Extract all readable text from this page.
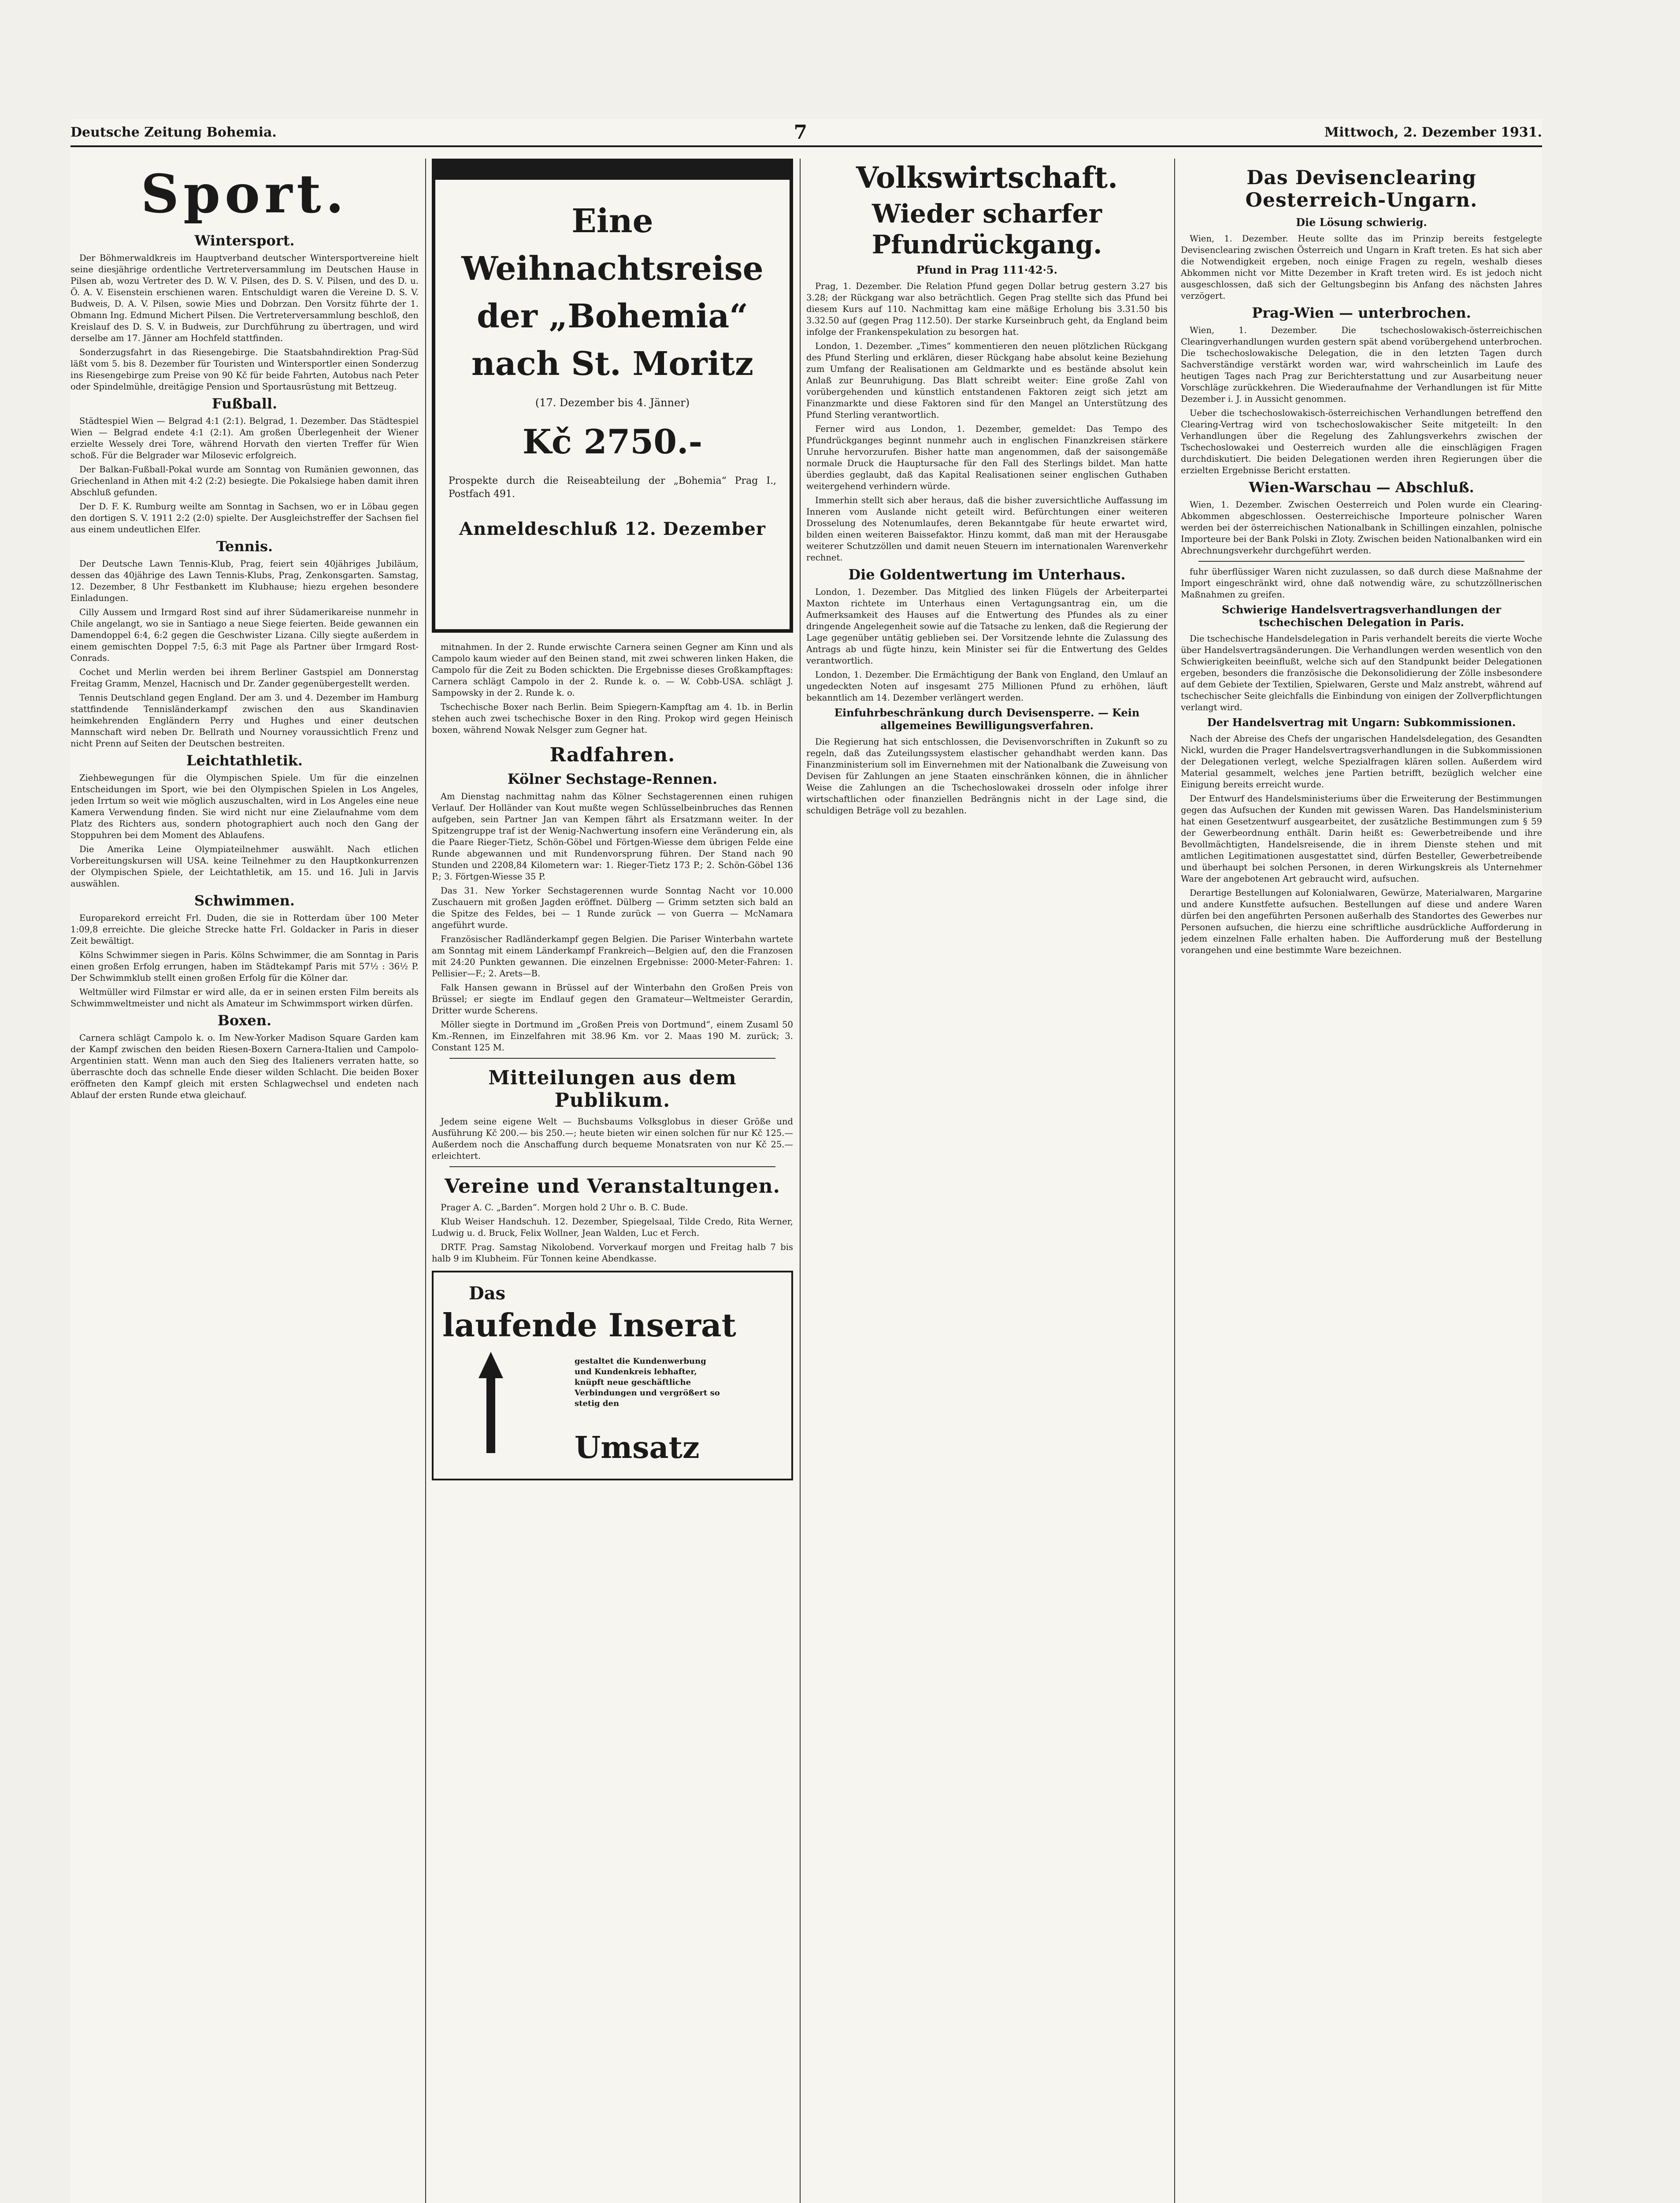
Deutsche Zeitung Bohemia.	7	Mittwoch, 2. Dezember 1931.
Sport.
Wintersport.

Der Böhmerwaldkreis im Hauptverband deutscher Wintersportvereine hielt seine diesjährige ordentliche Vertreterversammlung im Deutschen Hause in Pilsen ab, wozu Vertreter des D. W. V. Pilsen, des D. S. V. Pilsen, und des D. u. Ö. A. V. Eisenstein erschienen waren. Entschuldigt waren die Vereine D. S. V. Budweis, D. A. V. Pilsen, sowie Mies und Dobrzan. Den Vorsitz führte der 1. Obmann Ing. Edmund Michert Pilsen. Die Vertreterversammlung beschloß, den Kreislauf des D. S. V. in Budweis, zur Durchführung zu übertragen, und wird derselbe am 17. Jänner am Hochfeld stattfinden.

Sonderzugsfahrt in das Riesengebirge. Die Staatsbahndirektion Prag-Süd läßt vom 5. bis 8. Dezember für Touristen und Wintersportler einen Sonderzug ins Riesengebirge zum Preise von 90 Kč für beide Fahrten, Autobus nach Peter oder Spindelmühle, dreitägige Pension und Sportausrüstung mit Bettzeug.

Fußball.

Städtespiel Wien — Belgrad 4:1 (2:1). Belgrad, 1. Dezember. Das Städtespiel Wien — Belgrad endete 4:1 (2:1). Am großen Überlegenheit der Wiener erzielte Wessely drei Tore, während Horvath den vierten Treffer für Wien schoß. Für die Belgrader war Milosevic erfolgreich.

Der Balkan-Fußball-Pokal wurde am Sonntag von Rumänien gewonnen, das Griechenland in Athen mit 4:2 (2:2) besiegte. Die Pokalsiege haben damit ihren Abschluß gefunden.

Der D. F. K. Rumburg weilte am Sonntag in Sachsen, wo er in Löbau gegen den dortigen S. V. 1911 2:2 (2:0) spielte. Der Ausgleichstreffer der Sachsen fiel aus einem undeutlichen Elfer.

Tennis.

Der Deutsche Lawn Tennis-Klub, Prag, feiert sein 40jähriges Jubiläum, dessen das 40jährige des Lawn Tennis-Klubs, Prag, Zenkonsgarten. Samstag, 12. Dezember, 8 Uhr Festbankett im Klubhause; hiezu ergehen besondere Einladungen.

Cilly Aussem und Irmgard Rost sind auf ihrer Südamerikareise nunmehr in Chile angelangt, wo sie in Santiago a neue Siege feierten. Beide gewannen ein Damendoppel 6:4, 6:2 gegen die Geschwister Lizana. Cilly siegte außerdem in einem gemischten Doppel 7:5, 6:3 mit Page als Partner über Irmgard Rost-Conrads.

Cochet und Merlin werden bei ihrem Berliner Gastspiel am Donnerstag Freitag Gramm, Menzel, Hacnisch und Dr. Zander gegenübergestellt werden.

Tennis Deutschland gegen England. Der am 3. und 4. Dezember im Hamburg stattfindende Tennisländerkampf zwischen den aus Skandinavien heimkehrenden Engländern Perry und Hughes und einer deutschen Mannschaft wird neben Dr. Bellrath und Nourney voraussichtlich Frenz und nicht Prenn auf Seiten der Deutschen bestreiten.

Leichtathletik.

Ziehbewegungen für die Olympischen Spiele. Um für die einzelnen Entscheidungen im Sport, wie bei den Olympischen Spielen in Los Angeles, jeden Irrtum so weit wie möglich auszuschalten, wird in Los Angeles eine neue Kamera Verwendung finden. Sie wird nicht nur eine Zielaufnahme vom dem Platz des Richters aus, sondern photographiert auch noch den Gang der Stoppuhren bei dem Moment des Ablaufens.

Die Amerika Leine Olympiateilnehmer auswählt. Nach etlichen Vorbereitungskursen will USA. keine Teilnehmer zu den Hauptkonkurrenzen der Olympischen Spiele, der Leichtathletik, am 15. und 16. Juli in Jarvis auswählen.

Schwimmen.

Europarekord erreicht Frl. Duden, die sie in Rotterdam über 100 Meter 1:09,8 erreichte. Die gleiche Strecke hatte Frl. Goldacker in Paris in dieser Zeit bewältigt.

Kölns Schwimmer siegen in Paris. Kölns Schwimmer, die am Sonntag in Paris einen großen Erfolg errungen, haben im Städtekampf Paris mit 57½ : 36½ P. Der Schwimmklub stellt einen großen Erfolg für die Kölner dar.

Weltmüller wird Filmstar er wird alle, da er in seinen ersten Film bereits als Schwimmweltmeister und nicht als Amateur im Schwimmsport wirken dürfen.

Boxen.

Carnera schlägt Campolo k. o. Im New-Yorker Madison Square Garden kam der Kampf zwischen den beiden Riesen-Boxern Carnera-Italien und Campolo-Argentinien statt. Wenn man auch den Sieg des Italieners verraten hatte, so überraschte doch das schnelle Ende dieser wilden Schlacht. Die beiden Boxer eröffneten den Kampf gleich mit ersten Schlagwechsel und endeten nach Ablauf der ersten Runde etwa gleichauf.

Eine Weihnachtsreise der „Bohemia“ nach St. Moritz
(17. Dezember bis 4. Jänner)
Kč 2750.-
Prospekte durch die Reiseabteilung der „Bohemia“ Prag I., Postfach 491.
Anmeldeschluß 12. Dezember

mitnahmen. In der 2. Runde erwischte Carnera seinen Gegner am Kinn und als Campolo kaum wieder auf den Beinen stand, mit zwei schweren linken Haken, die Campolo für die Zeit zu Boden schickten. Die Ergebnisse dieses Großkampftages: Carnera schlägt Campolo in der 2. Runde k. o. — W. Cobb-USA. schlägt J. Sampowsky in der 2. Runde k. o.

Tschechische Boxer nach Berlin. Beim Spiegern-Kampftag am 4. 1b. in Berlin stehen auch zwei tschechische Boxer in den Ring. Prokop wird gegen Heinisch boxen, während Nowak Nelsger zum Gegner hat.

Radfahren.
Kölner Sechstage-Rennen.

Am Dienstag nachmittag nahm das Kölner Sechstagerennen einen ruhigen Verlauf. Der Holländer van Kout mußte wegen Schlüsselbeinbruches das Rennen aufgeben, sein Partner Jan van Kempen fährt als Ersatzmann weiter. In der Spitzengruppe traf ist der Wenig-Nachwertung insofern eine Veränderung ein, als die Paare Rieger-Tietz, Schön-Göbel und Förtgen-Wiesse dem übrigen Felde eine Runde abgewannen und mit Rundenvorsprung führen. Der Stand nach 90 Stunden und 2208,84 Kilometern war: 1. Rieger-Tietz 173 P.; 2. Schön-Göbel 136 P.; 3. Förtgen-Wiesse 35 P.

Das 31. New Yorker Sechstagerennen wurde Sonntag Nacht vor 10.000 Zuschauern mit großen Jagden eröffnet. Dülberg — Grimm setzten sich bald an die Spitze des Feldes, bei — 1 Runde zurück — von Guerra — McNamara angeführt wurde.

Französischer Radländerkampf gegen Belgien. Die Pariser Winterbahn wartete am Sonntag mit einem Länderkampf Frankreich—Belgien auf, den die Franzosen mit 24:20 Punkten gewannen. Die einzelnen Ergebnisse: 2000-Meter-Fahren: 1. Pellisier—F.; 2. Arets—B.

Falk Hansen gewann in Brüssel auf der Winterbahn den Großen Preis von Brüssel; er siegte im Endlauf gegen den Gramateur—Weltmeister Gerardin, Dritter wurde Scherens.

Möller siegte in Dortmund im „Großen Preis von Dortmund“, einem Zusaml 50 Km.-Rennen, im Einzelfahren mit 38.96 Km. vor 2. Maas 190 M. zurück; 3. Constant 125 M.

Mitteilungen aus dem Publikum.

Jedem seine eigene Welt — Buchsbaums Volksglobus in dieser Größe und Ausführung Kč 200.— bis 250.—; heute bieten wir einen solchen für nur Kč 125.— Außerdem noch die Anschaffung durch bequeme Monatsraten von nur Kč 25.— erleichtert.

Vereine und Veranstaltungen.

Prager A. C. „Barden“. Morgen hold 2 Uhr o. B. C. Bude.

Klub Weiser Handschuh. 12. Dezember, Spiegelsaal, Tilde Credo, Rita Werner, Ludwig u. d. Bruck, Felix Wollner, Jean Walden, Luc et Ferch.

DRTF. Prag. Samstag Nikolobend. Vorverkauf morgen und Freitag halb 7 bis halb 9 im Klubheim. Für Tonnen keine Abendkasse.

Das
laufende Inserat
gestaltet die Kundenwerbung und Kundenkreis lebhafter, knüpft neue geschäftliche Verbindungen und vergrößert so stetig den
Umsatz
Volkswirtschaft.
Wieder scharfer Pfundrückgang.
Pfund in Prag 111·42·5.

Prag, 1. Dezember. Die Relation Pfund gegen Dollar betrug gestern 3.27 bis 3.28; der Rückgang war also beträchtlich. Gegen Prag stellte sich das Pfund bei diesem Kurs auf 110. Nachmittag kam eine mäßige Erholung bis 3.31.50 bis 3.32.50 auf (gegen Prag 112.50). Der starke Kurseinbruch geht, da England beim infolge der Frankenspekulation zu besorgen hat.

London, 1. Dezember. „Times“ kommentieren den neuen plötzlichen Rückgang des Pfund Sterling und erklären, dieser Rückgang habe absolut keine Beziehung zum Umfang der Realisationen am Geldmarkte und es bestände absolut kein Anlaß zur Beunruhigung. Das Blatt schreibt weiter: Eine große Zahl von vorübergehenden und künstlich entstandenen Faktoren zeigt sich jetzt am Finanzmarkte und diese Faktoren sind für den Mangel an Unterstützung des Pfund Sterling verantwortlich.

Ferner wird aus London, 1. Dezember, gemeldet: Das Tempo des Pfundrückganges beginnt nunmehr auch in englischen Finanzkreisen stärkere Unruhe hervorzurufen. Bisher hatte man angenommen, daß der saisongemäße normale Druck die Hauptursache für den Fall des Sterlings bildet. Man hatte überdies geglaubt, daß das Kapital Realisationen seiner englischen Guthaben weitergehend verhindern würde.

Immerhin stellt sich aber heraus, daß die bisher zuversichtliche Auffassung im Inneren vom Auslande nicht geteilt wird. Befürchtungen einer weiteren Drosselung des Notenumlaufes, deren Bekanntgabe für heute erwartet wird, bilden einen weiteren Baissefaktor. Hinzu kommt, daß man mit der Herausgabe weiterer Schutzzöllen und damit neuen Steuern im internationalen Warenverkehr rechnet.

Die Goldentwertung im Unterhaus.

London, 1. Dezember. Das Mitglied des linken Flügels der Arbeiterpartei Maxton richtete im Unterhaus einen Vertagungsantrag ein, um die Aufmerksamkeit des Hauses auf die Entwertung des Pfundes als zu einer dringende Angelegenheit sowie auf die Tatsache zu lenken, daß die Regierung der Lage gegenüber untätig geblieben sei. Der Vorsitzende lehnte die Zulassung des Antrags ab und fügte hinzu, kein Minister sei für die Entwertung des Geldes verantwortlich.

London, 1. Dezember. Die Ermächtigung der Bank von England, den Umlauf an ungedeckten Noten auf insgesamt 275 Millionen Pfund zu erhöhen, läuft bekanntlich am 14. Dezember verlängert werden.

Einfuhrbeschränkung durch Devisensperre. — Kein allgemeines Bewilligungsverfahren.

Die Regierung hat sich entschlossen, die Devisenvorschriften in Zukunft so zu regeln, daß das Zuteilungssystem elastischer gehandhabt werden kann. Das Finanzministerium soll im Einvernehmen mit der Nationalbank die Zuweisung von Devisen für Zahlungen an jene Staaten einschränken können, die in ähnlicher Weise die Zahlungen an die Tschechoslowakei drosseln oder infolge ihrer wirtschaftlichen oder finanziellen Bedrängnis nicht in der Lage sind, die schuldigen Beträge voll zu bezahlen.

Das Devisenclearing Oesterreich-Ungarn.
Die Lösung schwierig.

Wien, 1. Dezember. Heute sollte das im Prinzip bereits festgelegte Devisenclearing zwischen Österreich und Ungarn in Kraft treten. Es hat sich aber die Notwendigkeit ergeben, noch einige Fragen zu regeln, weshalb dieses Abkommen nicht vor Mitte Dezember in Kraft treten wird. Es ist jedoch nicht ausgeschlossen, daß sich der Geltungsbeginn bis Anfang des nächsten Jahres verzögert.

Prag-Wien — unterbrochen.

Wien, 1. Dezember. Die tschechoslowakisch-österreichischen Clearingverhandlungen wurden gestern spät abend vorübergehend unterbrochen. Die tschechoslowakische Delegation, die in den letzten Tagen durch Sachverständige verstärkt worden war, wird wahrscheinlich im Laufe des heutigen Tages nach Prag zur Berichterstattung und zur Ausarbeitung neuer Vorschläge zurückkehren. Die Wiederaufnahme der Verhandlungen ist für Mitte Dezember i. J. in Aussicht genommen.

Ueber die tschechoslowakisch-österreichischen Verhandlungen betreffend den Clearing-Vertrag wird von tschechoslowakischer Seite mitgeteilt: In den Verhandlungen über die Regelung des Zahlungsverkehrs zwischen der Tschechoslowakei und Oesterreich wurden alle die einschlägigen Fragen durchdiskutiert. Die beiden Delegationen werden ihren Regierungen über die erzielten Ergebnisse Bericht erstatten.

Wien-Warschau — Abschluß.

Wien, 1. Dezember. Zwischen Oesterreich und Polen wurde ein Clearing-Abkommen abgeschlossen. Oesterreichische Importeure polnischer Waren werden bei der österreichischen Nationalbank in Schillingen einzahlen, polnische Importeure bei der Bank Polski in Zloty. Zwischen beiden Nationalbanken wird ein Abrechnungsverkehr durchgeführt werden.

fuhr überflüssiger Waren nicht zuzulassen, so daß durch diese Maßnahme der Import eingeschränkt wird, ohne daß notwendig wäre, zu schutzzöllnerischen Maßnahmen zu greifen.

Schwierige Handelsvertragsverhandlungen der tschechischen Delegation in Paris.

Die tschechische Handelsdelegation in Paris verhandelt bereits die vierte Woche über Handelsvertragsänderungen. Die Verhandlungen werden wesentlich von den Schwierigkeiten beeinflußt, welche sich auf den Standpunkt beider Delegationen ergeben, besonders die französische die Dekonsolidierung der Zölle insbesondere auf dem Gebiete der Textilien, Spielwaren, Gerste und Malz anstrebt, während auf tschechischer Seite gleichfalls die Einbindung von einigen der Zollverpflichtungen verlangt wird.

Der Handelsvertrag mit Ungarn: Subkommissionen.

Nach der Abreise des Chefs der ungarischen Handelsdelegation, des Gesandten Nickl, wurden die Prager Handelsvertragsverhandlungen in die Subkommissionen der Delegationen verlegt, welche Spezialfragen klären sollen. Außerdem wird Material gesammelt, welches jene Partien betrifft, bezüglich welcher eine Einigung bereits erreicht wurde.

Der Entwurf des Handelsministeriums über die Erweiterung der Bestimmungen gegen das Aufsuchen der Kunden mit gewissen Waren. Das Handelsministerium hat einen Gesetzentwurf ausgearbeitet, der zusätzliche Bestimmungen zum § 59 der Gewerbeordnung enthält. Darin heißt es: Gewerbetreibende und ihre Bevollmächtigten, Handelsreisende, die in ihrem Dienste stehen und mit amtlichen Legitimationen ausgestattet sind, dürfen Besteller, Gewerbetreibende und überhaupt bei solchen Personen, in deren Wirkungskreis als Unternehmer Ware der angebotenen Art gebraucht wird, aufsuchen.

Derartige Bestellungen auf Kolonialwaren, Gewürze, Materialwaren, Margarine und andere Kunstfette aufsuchen. Bestellungen auf diese und andere Waren dürfen bei den angeführten Personen außerhalb des Standortes des Gewerbes nur Personen aufsuchen, die hierzu eine schriftliche ausdrückliche Aufforderung in jedem einzelnen Falle erhalten haben. Die Aufforderung muß der Bestellung vorangehen und eine bestimmte Ware bezeichnen.
